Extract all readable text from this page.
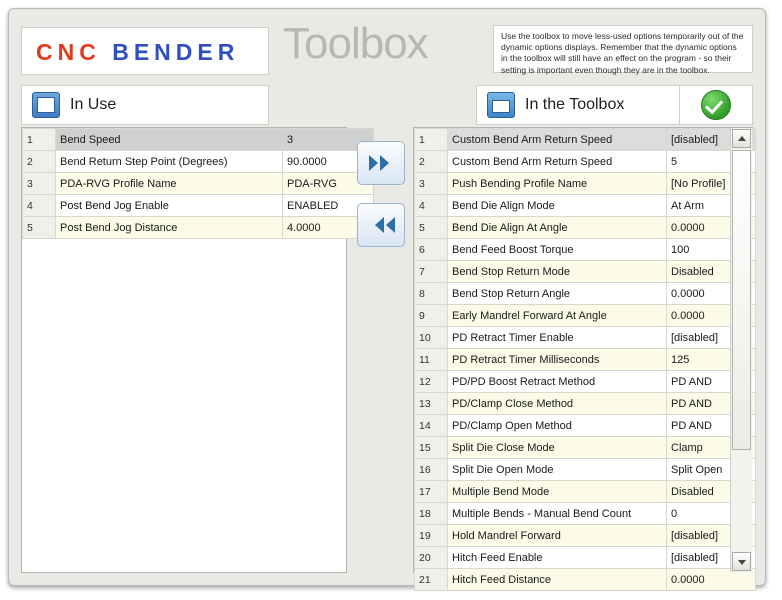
CNC BENDER Toolbox	Use the toolbox to move less-used options temporarily out of the dynamic options displays. Remember that the dynamic options in the toolbox will still have an effect on the program - so their setting is important even though they are in the toolbox.
In Use	In the Toolbox
1	Bend Speed	3
2	Bend Return Step Point (Degrees)	90.0000
3	PDA-RVG Profile Name	PDA-RVG
4	Post Bend Jog Enable	ENABLED
5	Post Bend Jog Distance	4.0000
1	Custom Bend Arm Return Speed	[disabled]
2	Custom Bend Arm Return Speed	5
3	Push Bending Profile Name	[No Profile]
4	Bend Die Align Mode	At Arm
5	Bend Die Align At Angle	0.0000
6	Bend Feed Boost Torque	100
7	Bend Stop Return Mode	Disabled
8	Bend Stop Return Angle	0.0000
9	Early Mandrel Forward At Angle	0.0000
10	PD Retract Timer Enable	[disabled]
11	PD Retract Timer Milliseconds	125
12	PD/PD Boost Retract Method	PD AND
13	PD/Clamp Close Method	PD AND
14	PD/Clamp Open Method	PD AND
15	Split Die Close Mode	Clamp
16	Split Die Open Mode	Split Open
17	Multiple Bend Mode	Disabled
18	Multiple Bends - Manual Bend Count	0
19	Hold Mandrel Forward	[disabled]
20	Hitch Feed Enable	[disabled]
21	Hitch Feed Distance	0.0000
